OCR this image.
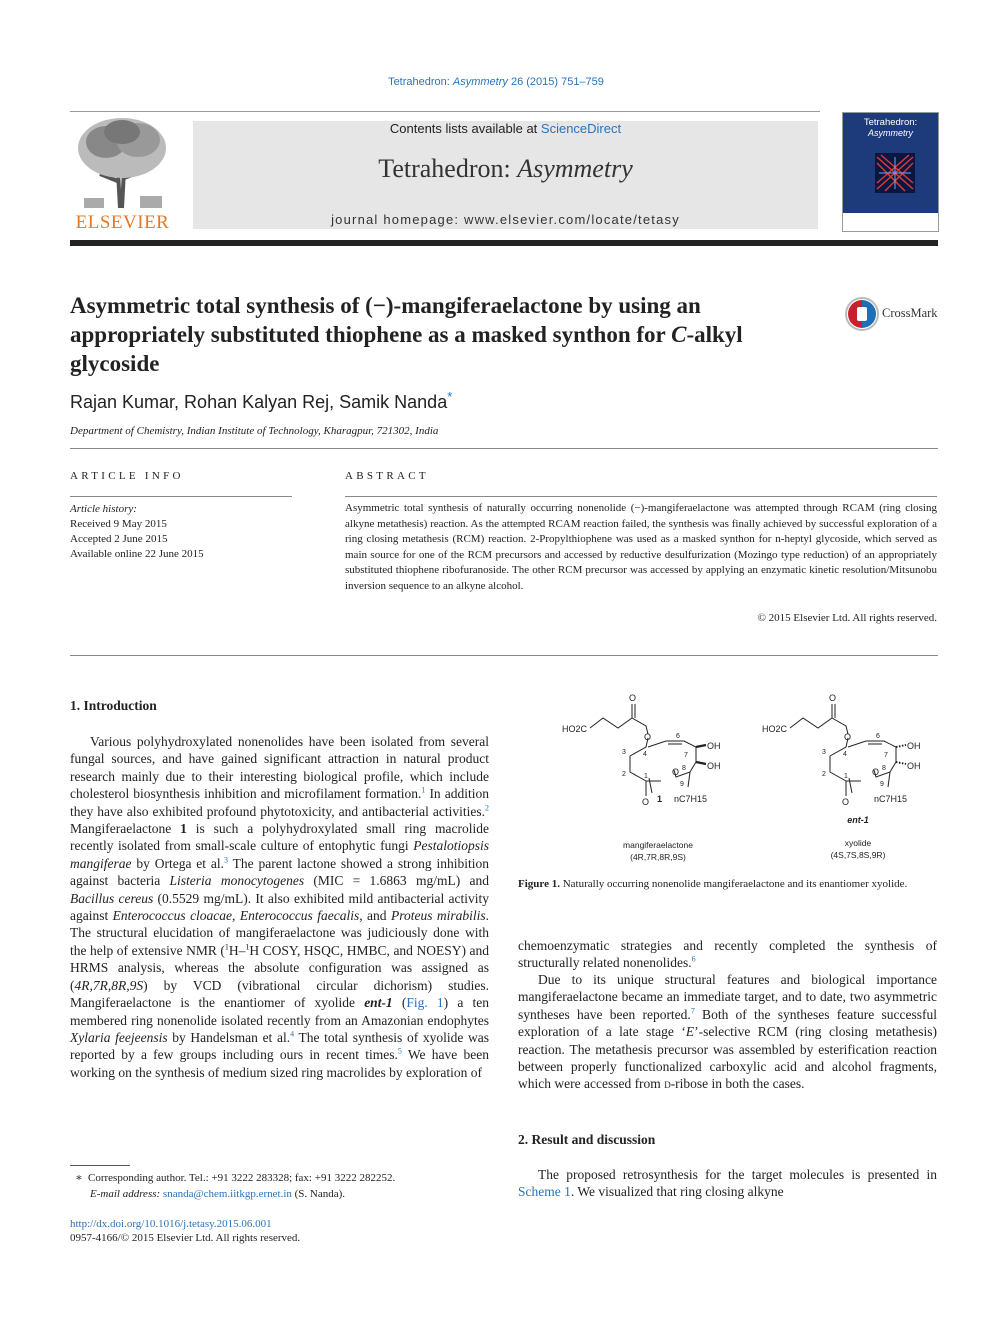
Tetrahedron: Asymmetry 26 (2015) 751–759
ELSEVIER
Contents lists available at ScienceDirect
Tetrahedron: Asymmetry
journal homepage: www.elsevier.com/locate/tetasy
Tetrahedron:
Asymmetry
Asymmetric total synthesis of (−)-mangiferaelactone by using an appropriately substituted thiophene as a masked synthon for C-alkyl glycoside
CrossMark
Rajan Kumar, Rohan Kalyan Rej, Samik Nanda*
Department of Chemistry, Indian Institute of Technology, Kharagpur, 721302, India
ARTICLE INFO
Article history:
Received 9 May 2015
Accepted 2 June 2015
Available online 22 June 2015
ABSTRACT
Asymmetric total synthesis of naturally occurring nonenolide (−)-mangiferaelactone was attempted through RCAM (ring closing alkyne metathesis) reaction. As the attempted RCAM reaction failed, the synthesis was finally achieved by successful exploration of a ring closing metathesis (RCM) reaction. 2-Propylthiophene was used as a masked synthon for n-heptyl glycoside, which served as main source for one of the RCM precursors and accessed by reductive desulfurization (Mozingo type reduction) of an appropriately substituted thiophene ribofuranoside. The other RCM precursor was accessed by applying an enzymatic kinetic resolution/Mitsunobu inversion sequence to an alkyne alcohol.
© 2015 Elsevier Ltd. All rights reserved.
1. Introduction
Various polyhydroxylated nonenolides have been isolated from several fungal sources, and have gained significant attraction in natural product research mainly due to their interesting biological profile, which include cholesterol biosynthesis inhibition and microfilament formation.$^1$ In addition they have also exhibited profound phytotoxicity, and antibacterial activities.$^2$ Mangiferaelactone 1 is such a polyhydroxylated small ring macrolide recently isolated from small-scale culture of entophytic fungi Pestalotiopsis mangiferae by Ortega et al.$^3$ The parent lactone showed a strong inhibition against bacteria Listeria monocytogenes (MIC = 1.6863 mg/mL) and Bacillus cereus (0.5529 mg/mL). It also exhibited mild antibacterial activity against Enterococcus cloacae, Enterococcus faecalis, and Proteus mirabilis. The structural elucidation of mangiferaelactone was judiciously done with the help of extensive NMR ($^1$H–$^1$H COSY, HSQC, HMBC, and NOESY) and HRMS analysis, whereas the absolute configuration was assigned as (4R,7R,8R,9S) by VCD (vibrational circular dichorism) studies. Mangiferaelactone is the enantiomer of xyolide ent-1 (Fig. 1) a ten membered ring nonenolide isolated recently from an Amazonian endophytes Xylaria feejeensis by Handelsman et al.$^4$ The total synthesis of xyolide was reported by a few groups including ours in recent times.$^5$ We have been working on the synthesis of medium sized ring macrolides by exploration of
∗ Corresponding author. Tel.: +91 3222 283328; fax: +91 3222 282252.
E-mail address: snanda@chem.iitkgp.ernet.in (S. Nanda).
http://dx.doi.org/10.1016/j.tetasy.2015.06.001
0957-4166/© 2015 Elsevier Ltd. All rights reserved.
HO2C
O
O
OH
OH
O
O	nC7H15
3
2
4
6
7
8
9
1
1
mangiferaelactone
(4R,7R,8R,9S)
HO2C
O
O
OH
OH
O
O	nC7H15
3
2
4
6
7
8
9
1
ent-1
xyolide
(4S,7S,8S,9R)
Figure 1. Naturally occurring nonenolide mangiferaelactone and its enantiomer xyolide.
chemoenzymatic strategies and recently completed the synthesis of structurally related nonenolides.$^6$
Due to its unique structural features and biological importance mangiferaelactone became an immediate target, and to date, two asymmetric syntheses have been reported.$^7$ Both of the syntheses feature successful exploration of a late stage ‘E’-selective RCM (ring closing metathesis) reaction. The metathesis precursor was assembled by esterification reaction between properly functionalized carboxylic acid and alcohol fragments, which were accessed from d-ribose in both the cases.
2. Result and discussion
The proposed retrosynthesis for the target molecules is presented in Scheme 1. We visualized that ring closing alkyne
